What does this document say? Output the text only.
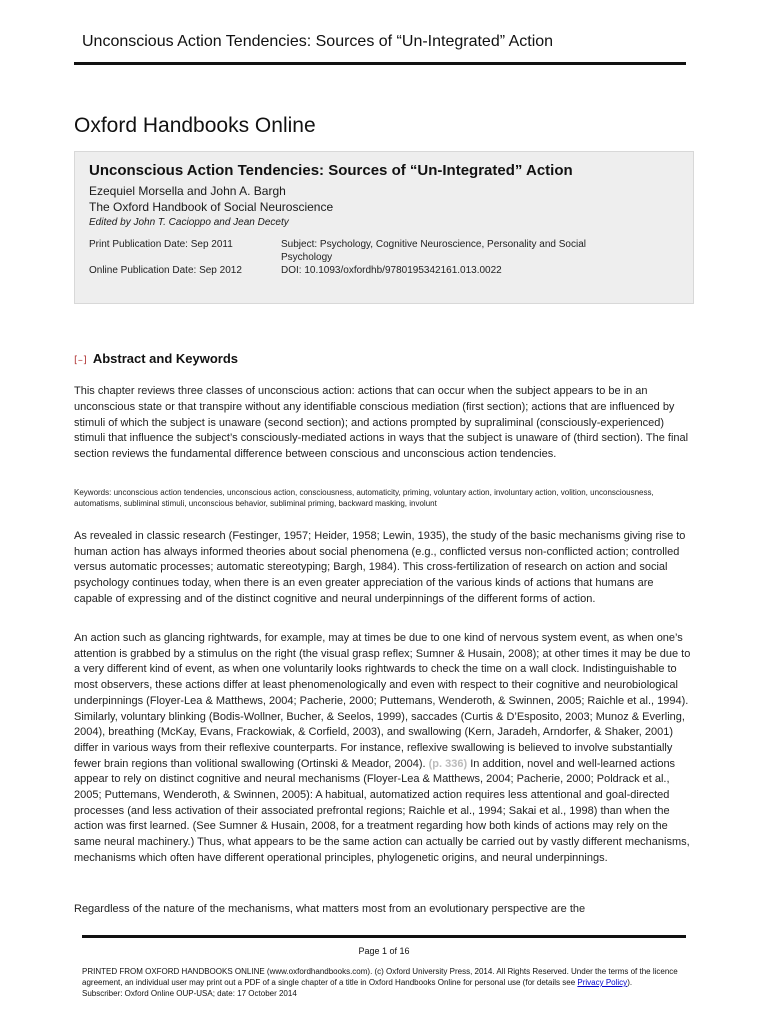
Unconscious Action Tendencies: Sources of “Un-Integrated” Action
Oxford Handbooks Online
Unconscious Action Tendencies: Sources of “Un-Integrated” Action
Ezequiel Morsella and John A. Bargh
The Oxford Handbook of Social Neuroscience
Edited by John T. Cacioppo and Jean Decety
Print Publication Date: Sep 2011
Online Publication Date: Sep 2012
Subject: Psychology, Cognitive Neuroscience, Personality and Social Psychology
DOI: 10.1093/oxfordhb/9780195342161.013.0022
[–] Abstract and Keywords

This chapter reviews three classes of unconscious action: actions that can occur when the subject appears to be in an unconscious state or that transpire without any identifiable conscious mediation (first section); actions that are influenced by stimuli of which the subject is unaware (second section); and actions prompted by supraliminal (consciously-experienced) stimuli that influence the subject’s consciously-mediated actions in ways that the subject is unaware of (third section). The final section reviews the fundamental difference between conscious and unconscious action tendencies.

Keywords: unconscious action tendencies, unconscious action, consciousness, automaticity, priming, voluntary action, involuntary action, volition, unconsciousness, automatisms, subliminal stimuli, unconscious behavior, subliminal priming, backward masking, involunt

As revealed in classic research (Festinger, 1957; Heider, 1958; Lewin, 1935), the study of the basic mechanisms giving rise to human action has always informed theories about social phenomena (e.g., conflicted versus non-conflicted action; controlled versus automatic processes; automatic stereotyping; Bargh, 1984). This cross-fertilization of research on action and social psychology continues today, when there is an even greater appreciation of the various kinds of actions that humans are capable of expressing and of the distinct cognitive and neural underpinnings of the different forms of action.

An action such as glancing rightwards, for example, may at times be due to one kind of nervous system event, as when one’s attention is grabbed by a stimulus on the right (the visual grasp reflex; Sumner & Husain, 2008); at other times it may be due to a very different kind of event, as when one voluntarily looks rightwards to check the time on a wall clock. Indistinguishable to most observers, these actions differ at least phenomenologically and even with respect to their cognitive and neurobiological underpinnings (Floyer-Lea & Matthews, 2004; Pacherie, 2000; Puttemans, Wenderoth, & Swinnen, 2005; Raichle et al., 1994). Similarly, voluntary blinking (Bodis-Wollner, Bucher, & Seelos, 1999), saccades (Curtis & D’Esposito, 2003; Munoz & Everling, 2004), breathing (McKay, Evans, Frackowiak, & Corfield, 2003), and swallowing (Kern, Jaradeh, Arndorfer, & Shaker, 2001) differ in various ways from their reflexive counterparts. For instance, reflexive swallowing is believed to involve substantially fewer brain regions than volitional swallowing (Ortinski & Meador, 2004). (p. 336) In addition, novel and well-learned actions appear to rely on distinct cognitive and neural mechanisms (Floyer-Lea & Matthews, 2004; Pacherie, 2000; Poldrack et al., 2005; Puttemans, Wenderoth, & Swinnen, 2005): A habitual, automatized action requires less attentional and goal-directed processes (and less activation of their associated prefrontal regions; Raichle et al., 1994; Sakai et al., 1998) than when the action was first learned. (See Sumner & Husain, 2008, for a treatment regarding how both kinds of actions may rely on the same neural machinery.) Thus, what appears to be the same action can actually be carried out by vastly different mechanisms, mechanisms which often have different operational principles, phylogenetic origins, and neural underpinnings.

Regardless of the nature of the mechanisms, what matters most from an evolutionary perspective are the

Page 1 of 16
PRINTED FROM OXFORD HANDBOOKS ONLINE (www.oxfordhandbooks.com). (c) Oxford University Press, 2014. All Rights Reserved. Under the terms of the licence agreement, an individual user may print out a PDF of a single chapter of a title in Oxford Handbooks Online for personal use (for details see Privacy Policy).
Subscriber: Oxford Online OUP-USA; date: 17 October 2014
